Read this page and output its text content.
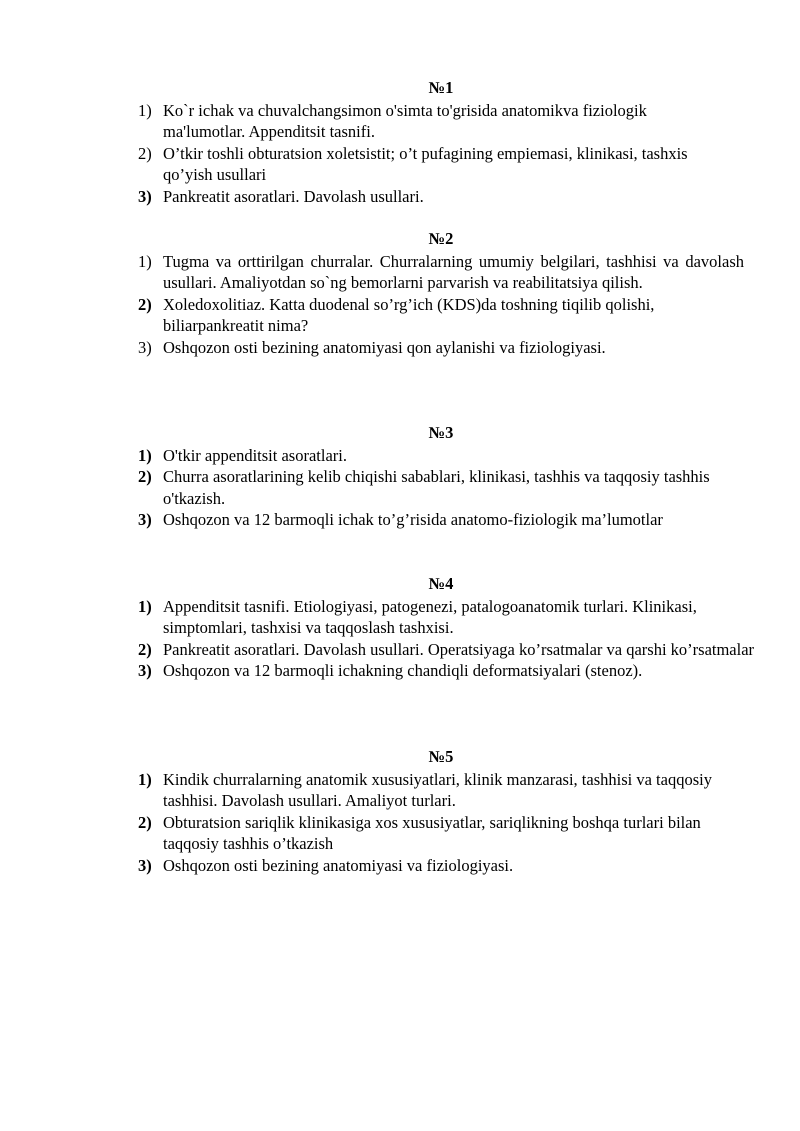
№1
1) Ko`r ichak va chuvalchangsimon o'simta to'grisida anatomikva fiziologik ma'lumotlar. Appenditsit tasnifi.
2) O’tkir toshli obturatsion xoletsistit; o’t pufagining empiemasi, klinikasi, tashxis qo’yish usullari
3) Pankreatit asoratlari. Davolash usullari.
№2
1) Tugma va orttirilgan churralar. Churralarning umumiy belgilari, tashhisi va davolash usullari. Amaliyotdan so`ng bemorlarni parvarish va reabilitatsiya qilish.
2) Xoledoxolitiaz. Katta duodenal so’rg’ich (KDS)da toshning tiqilib qolishi, biliarpankreatit nima?
3) Oshqozon osti bezining anatomiyasi qon aylanishi va fiziologiyasi.
№3
1) O'tkir appenditsit asoratlari.
2) Churra asoratlarining kelib chiqishi sabablari, klinikasi, tashhis va taqqosiy tashhis o'tkazish.
3) Oshqozon va 12 barmoqli ichak to’g’risida anatomo-fiziologik ma’lumotlar
№4
1) Appenditsit tasnifi. Etiologiyasi, patogenezi, patalogoanatomik turlari. Klinikasi, simptomlari, tashxisi va taqqoslash tashxisi.
2) Pankreatit asoratlari. Davolash usullari. Operatsiyaga ko’rsatmalar va qarshi ko’rsatmalar
3) Oshqozon va 12 barmoqli ichakning chandiqli deformatsiyalari (stenoz).
№5
1) Kindik churralarning anatomik xususiyatlari, klinik manzarasi, tashhisi va taqqosiy tashhisi. Davolash usullari. Amaliyot turlari.
2) Obturatsion sariqlik klinikasiga xos xususiyatlar, sariqlikning boshqa turlari bilan taqqosiy tashhis o’tkazish
3) Oshqozon osti bezining anatomiyasi va fiziologiyasi.
